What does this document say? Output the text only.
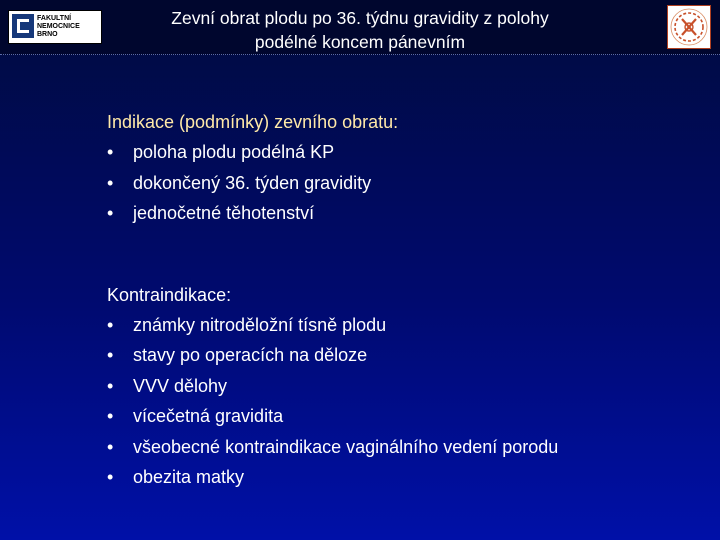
FAKULTNÍ
NEMOCNICE
BRNO
Zevní obrat plodu po 36. týdnu gravidity z polohy
podélné koncem pánevním
Indikace (podmínky) zevního obratu:
• poloha plodu podélná KP
• dokončený 36. týden gravidity
• jednočetné těhotenství
Kontraindikace:
• známky nitroděložní tísně plodu
• stavy po operacích na děloze
• VVV dělohy
• vícečetná gravidita
• všeobecné kontraindikace vaginálního vedení porodu
• obezita matky
